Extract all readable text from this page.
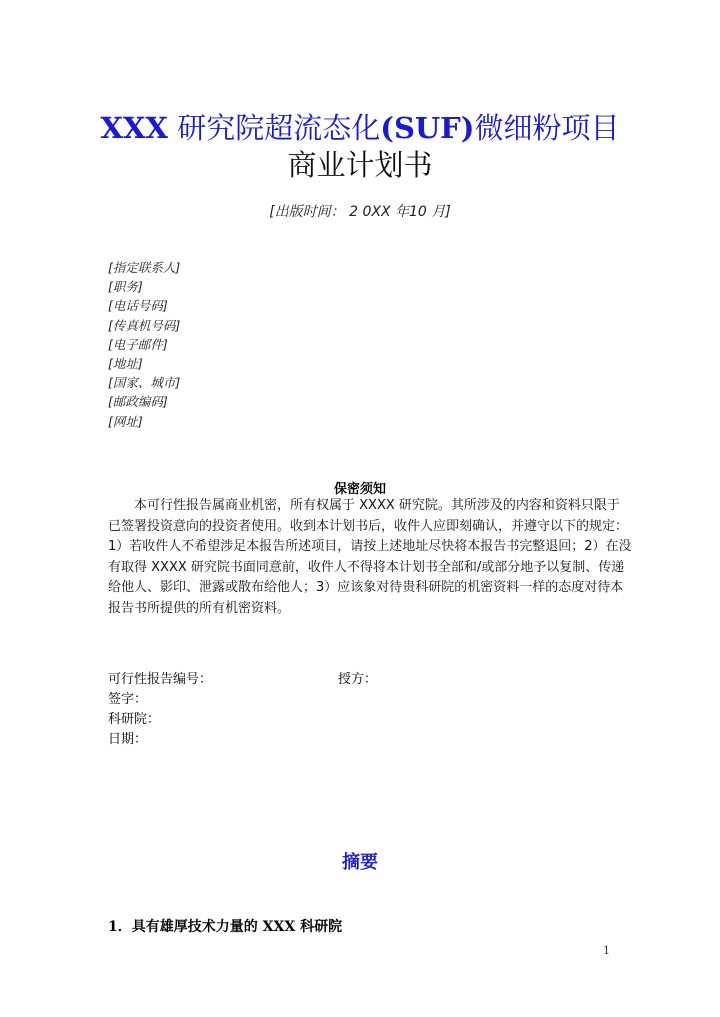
XXX 研究院超流态化(SUF)微细粉项目
商业计划书
[出版时间： 2 0XX 年10 月]
[指定联系人]
[职务]
[电话号码]
[传真机号码]
[电子邮件]
[地址]
[国家、城市]
[邮政编码]
[网址]
保密须知
本可行性报告属商业机密，所有权属于 XXXX 研究院。其所涉及的内容和资料只限于
已签署投资意向的投资者使用。收到本计划书后，收件人应即刻确认，并遵守以下的规定：
1）若收件人不希望涉足本报告所述项目，请按上述地址尽快将本报告书完整退回；2）在没
有取得 XXXX 研究院书面同意前，收件人不得将本计划书全部和/或部分地予以复制、传递
给他人、影印、泄露或散布给他人；3）应该象对待贵科研院的机密资料一样的态度对待本
报告书所提供的所有机密资料。
可行性报告编号：	授方：
签字：
科研院：
日期：
摘要
1．具有雄厚技术力量的 XXX 科研院
1
